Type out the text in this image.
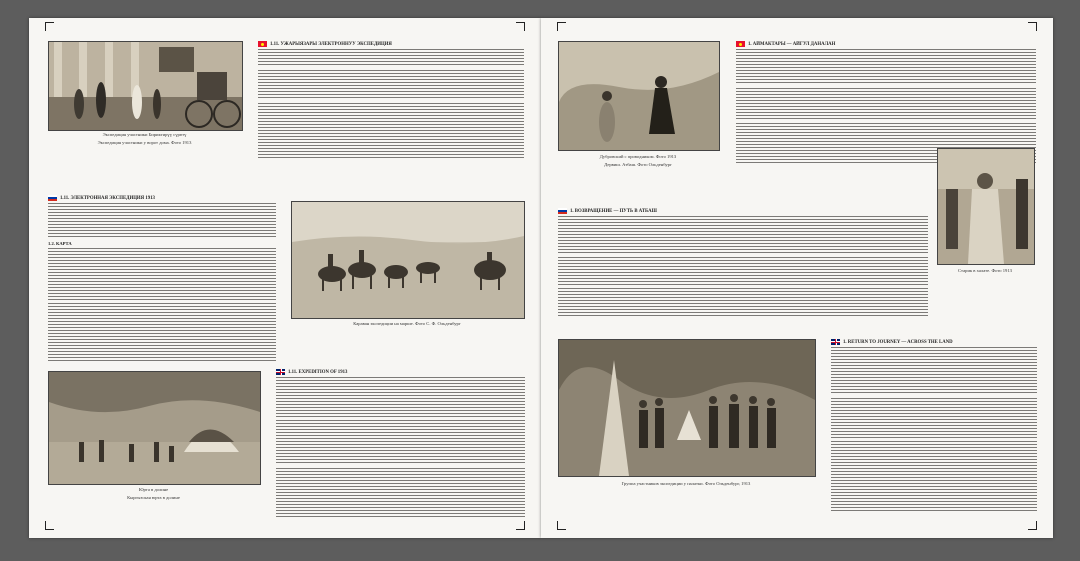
Экспедиция участники Бириктирүү сүрөтү

Экспедиция участники у ворот дома. Фото 1913

1.11. УЖАРЫЯЗАРЫ ЭЛЕКТРОННУУ ЭКСПЕДИЦИЯ
1.11. ЭЛЕКТРОННАЯ ЭКСПЕДИЦИЯ 1913
1.2. КАРТА

Караван экспедиции на марше. Фото С. Ф. Ольденбург

Юрта в долине

Кыргызская юрта в долине

1.11. EXPEDITION OF 1913

Дубровский с проводником. Фото 1913

Дервиш. Атбаш. Фото Ольденбург

1. АЙМАКТАРЫ — АЙГУЛ ДАНАЛАН

Старик в халате. Фото 1913

1. ВОЗВРАЩЕНИЕ — ПУТЬ В АТБАШ

Группа участников экспедиции у палатки. Фото Ольденбург, 1913

1. RETURN TO JOURNEY — ACROSS THE LAND
